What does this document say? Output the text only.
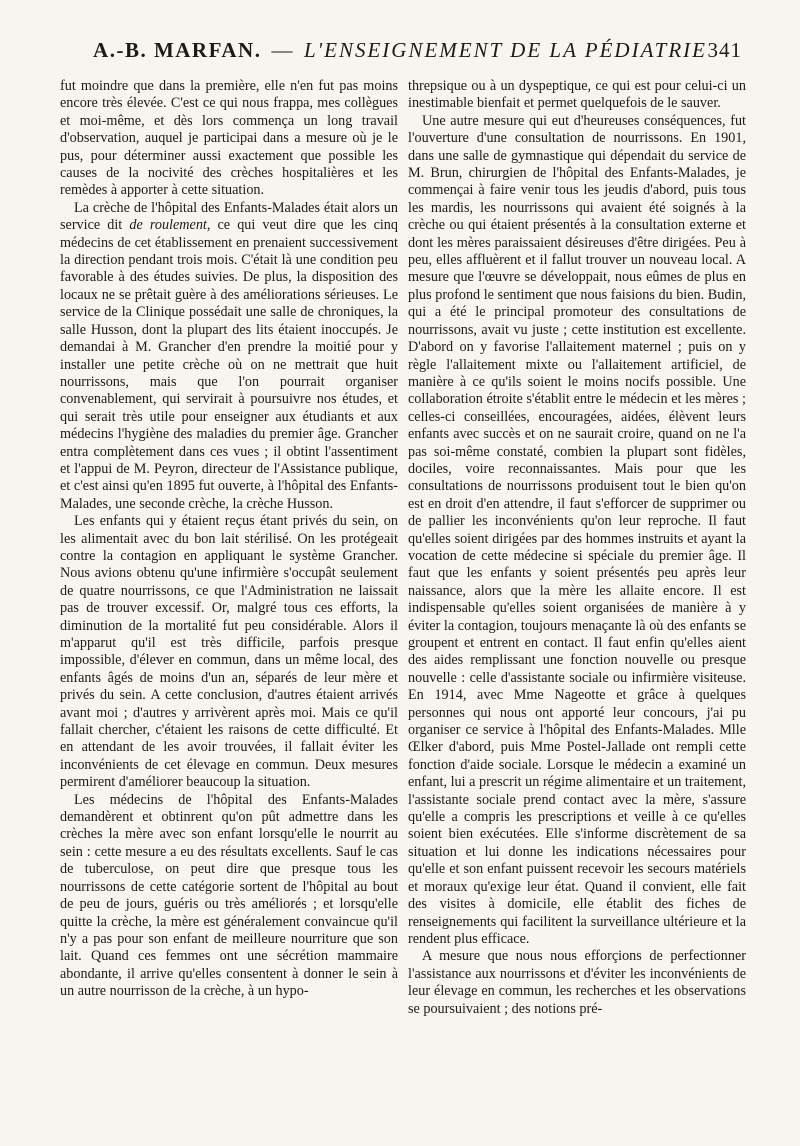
A.-B. MARFAN. — L'ENSEIGNEMENT DE LA PÉDIATRIE 341

fut moindre que dans la première, elle n'en fut pas moins encore très élevée. C'est ce qui nous frappa, mes collègues et moi-même, et dès lors commença un long travail d'observation, auquel je participai dans a mesure où je le pus, pour déterminer aussi exactement que possible les causes de la nocivité des crèches hospitalières et les remèdes à apporter à cette situation.

La crèche de l'hôpital des Enfants-Malades était alors un service dit de roulement, ce qui veut dire que les cinq médecins de cet établissement en prenaient successivement la direction pendant trois mois. C'était là une condition peu favorable à des études suivies. De plus, la disposition des locaux ne se prêtait guère à des améliorations sérieuses. Le service de la Clinique possédait une salle de chroniques, la salle Husson, dont la plupart des lits étaient inoccupés. Je demandai à M. Grancher d'en prendre la moitié pour y installer une petite crèche où on ne mettrait que huit nourrissons, mais que l'on pourrait organiser convenablement, qui servirait à poursuivre nos études, et qui serait très utile pour enseigner aux étudiants et aux médecins l'hygiène des maladies du premier âge. Grancher entra complètement dans ces vues ; il obtint l'assentiment et l'appui de M. Peyron, directeur de l'Assistance publique, et c'est ainsi qu'en 1895 fut ouverte, à l'hôpital des Enfants-Malades, une seconde crèche, la crèche Husson.

Les enfants qui y étaient reçus étant privés du sein, on les alimentait avec du bon lait stérilisé. On les protégeait contre la contagion en appliquant le système Grancher. Nous avions obtenu qu'une infirmière s'occupât seulement de quatre nourrissons, ce que l'Administration ne laissait pas de trouver excessif. Or, malgré tous ces efforts, la diminution de la mortalité fut peu considérable. Alors il m'apparut qu'il est très difficile, parfois presque impossible, d'élever en commun, dans un même local, des enfants âgés de moins d'un an, séparés de leur mère et privés du sein. A cette conclusion, d'autres étaient arrivés avant moi ; d'autres y arrivèrent après moi. Mais ce qu'il fallait chercher, c'étaient les raisons de cette difficulté. Et en attendant de les avoir trouvées, il fallait éviter les inconvénients de cet élevage en commun. Deux mesures permirent d'améliorer beaucoup la situation.

Les médecins de l'hôpital des Enfants-Malades demandèrent et obtinrent qu'on pût admettre dans les crèches la mère avec son enfant lorsqu'elle le nourrit au sein : cette mesure a eu des résultats excellents. Sauf le cas de tuberculose, on peut dire que presque tous les nourrissons de cette catégorie sortent de l'hôpital au bout de peu de jours, guéris ou très améliorés ; et lorsqu'elle quitte la crèche, la mère est généralement convaincue qu'il n'y a pas pour son enfant de meilleure nourriture que son lait. Quand ces femmes ont une sécrétion mammaire abondante, il arrive qu'elles consentent à donner le sein à un autre nourrisson de la crèche, à un hypo-

threpsique ou à un dyspeptique, ce qui est pour celui-ci un inestimable bienfait et permet quelquefois de le sauver.

Une autre mesure qui eut d'heureuses conséquences, fut l'ouverture d'une consultation de nourrissons. En 1901, dans une salle de gymnastique qui dépendait du service de M. Brun, chirurgien de l'hôpital des Enfants-Malades, je commençai à faire venir tous les jeudis d'abord, puis tous les mardis, les nourrissons qui avaient été soignés à la crèche ou qui étaient présentés à la consultation externe et dont les mères paraissaient désireuses d'être dirigées. Peu à peu, elles affluèrent et il fallut trouver un nouveau local. A mesure que l'œuvre se développait, nous eûmes de plus en plus profond le sentiment que nous faisions du bien. Budin, qui a été le principal promoteur des consultations de nourrissons, avait vu juste ; cette institution est excellente. D'abord on y favorise l'allaitement maternel ; puis on y règle l'allaitement mixte ou l'allaitement artificiel, de manière à ce qu'ils soient le moins nocifs possible. Une collaboration étroite s'établit entre le médecin et les mères ; celles-ci conseillées, encouragées, aidées, élèvent leurs enfants avec succès et on ne saurait croire, quand on ne l'a pas soi-même constaté, combien la plupart sont fidèles, dociles, voire reconnaissantes. Mais pour que les consultations de nourrissons produisent tout le bien qu'on est en droit d'en attendre, il faut s'efforcer de supprimer ou de pallier les inconvénients qu'on leur reproche. Il faut qu'elles soient dirigées par des hommes instruits et ayant la vocation de cette médecine si spéciale du premier âge. Il faut que les enfants y soient présentés peu après leur naissance, alors que la mère les allaite encore. Il est indispensable qu'elles soient organisées de manière à y éviter la contagion, toujours menaçante là où des enfants se groupent et entrent en contact. Il faut enfin qu'elles aient des aides remplissant une fonction nouvelle ou presque nouvelle : celle d'assistante sociale ou infirmière visiteuse. En 1914, avec Mme Nageotte et grâce à quelques personnes qui nous ont apporté leur concours, j'ai pu organiser ce service à l'hôpital des Enfants-Malades. Mlle Œlker d'abord, puis Mme Postel-Jallade ont rempli cette fonction d'aide sociale. Lorsque le médecin a examiné un enfant, lui a prescrit un régime alimentaire et un traitement, l'assistante sociale prend contact avec la mère, s'assure qu'elle a compris les prescriptions et veille à ce qu'elles soient bien exécutées. Elle s'informe discrètement de sa situation et lui donne les indications nécessaires pour qu'elle et son enfant puissent recevoir les secours matériels et moraux qu'exige leur état. Quand il convient, elle fait des visites à domicile, elle établit des fiches de renseignements qui facilitent la surveillance ultérieure et la rendent plus efficace.

A mesure que nous nous efforçions de perfectionner l'assistance aux nourrissons et d'éviter les inconvénients de leur élevage en commun, les recherches et les observations se poursuivaient ; des notions pré-
